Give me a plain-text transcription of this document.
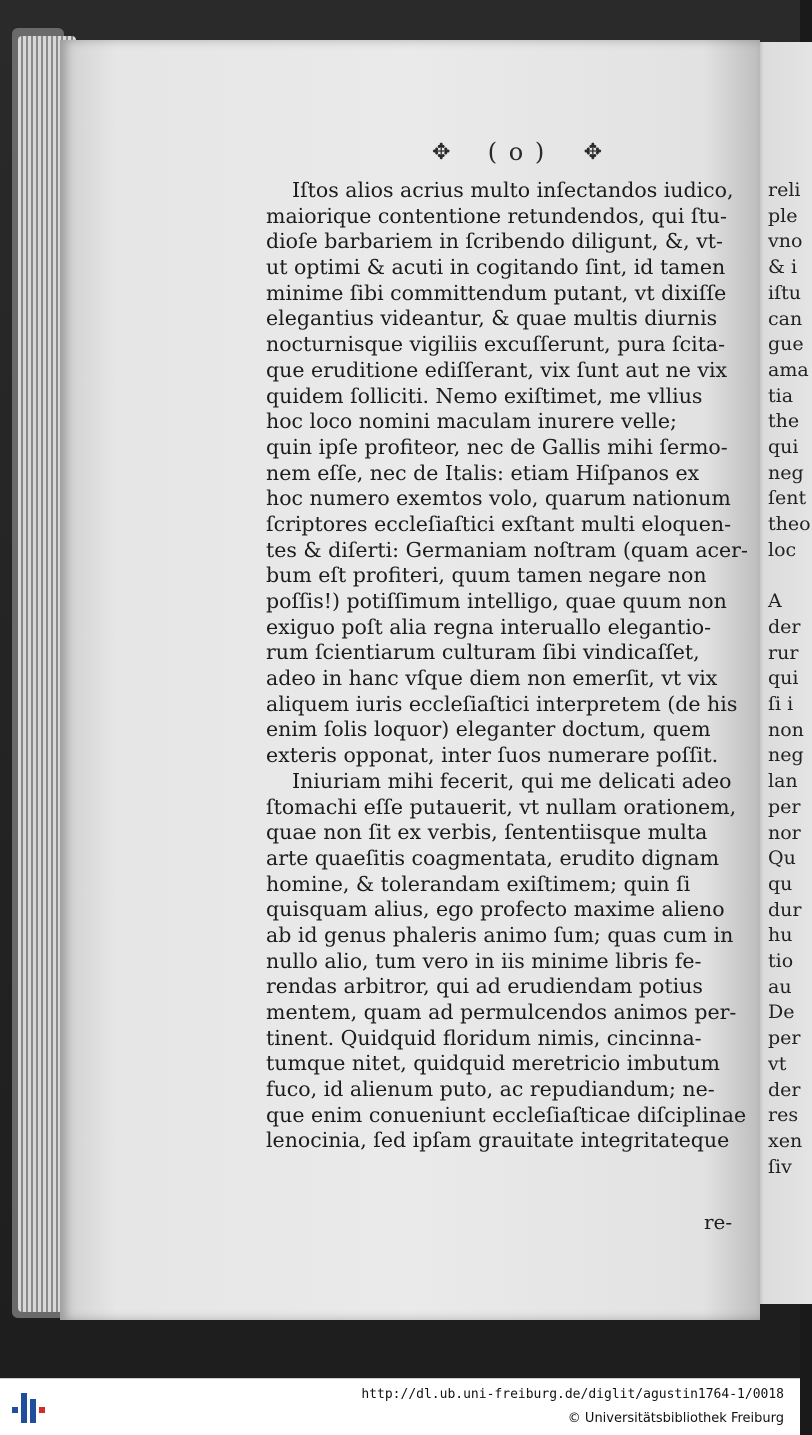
reli
ple
vno
& i
iſtu
can
gue
ama
tia
the
qui
neg
ſent
theo
loc
A
der
rur
qui
ſi i
non
neg
lan
per
nor
Qu
qu
dur
hu
tio
au
De
per
vt
der
res
xen
ſiv
✥ ( o ) ✥
Iſtos alios acrius multo inſectandos iudico,
maiorique contentione retundendos, qui ſtu-
dioſe barbariem in ſcribendo diligunt, &, vt-
ut optimi & acuti in cogitando ſint, id tamen
minime ſibi committendum putant, vt dixiſſe
elegantius videantur, & quae multis diurnis
nocturnisque vigiliis excuſſerunt, pura ſcita-
que eruditione ediſſerant, vix ſunt aut ne vix
quidem ſolliciti. Nemo exiſtimet, me vllius
hoc loco nomini maculam inurere velle;
quin ipſe profiteor, nec de Gallis mihi ſermo-
nem eſſe, nec de Italis: etiam Hiſpanos ex
hoc numero exemtos volo, quarum nationum
ſcriptores eccleſiaſtici exſtant multi eloquen-
tes & diſerti: Germaniam noſtram (quam acer-
bum eſt profiteri, quum tamen negare non
poſſis!) potiſſimum intelligo, quae quum non
exiguo poſt alia regna interuallo elegantio-
rum ſcientiarum culturam ſibi vindicaſſet,
adeo in hanc vſque diem non emerſit, vt vix
aliquem iuris eccleſiaſtici interpretem (de his
enim ſolis loquor) eleganter doctum, quem
exteris opponat, inter ſuos numerare poſſit.
Iniuriam mihi fecerit, qui me delicati adeo
ſtomachi eſſe putauerit, vt nullam orationem,
quae non ſit ex verbis, ſententiisque multa
arte quaeſitis coagmentata, erudito dignam
homine, & tolerandam exiſtimem; quin ſi
quisquam alius, ego profecto maxime alieno
ab id genus phaleris animo ſum; quas cum in
nullo alio, tum vero in iis minime libris fe-
rendas arbitror, qui ad erudiendam potius
mentem, quam ad permulcendos animos per-
tinent. Quidquid floridum nimis, cincinna-
tumque nitet, quidquid meretricio imbutum
fuco, id alienum puto, ac repudiandum; ne-
que enim conueniunt eccleſiaſticae diſciplinae
lenocinia, ſed ipſam grauitate integritateque
re-
http://dl.ub.uni-freiburg.de/diglit/agustin1764-1/0018
© Universitätsbibliothek Freiburg
